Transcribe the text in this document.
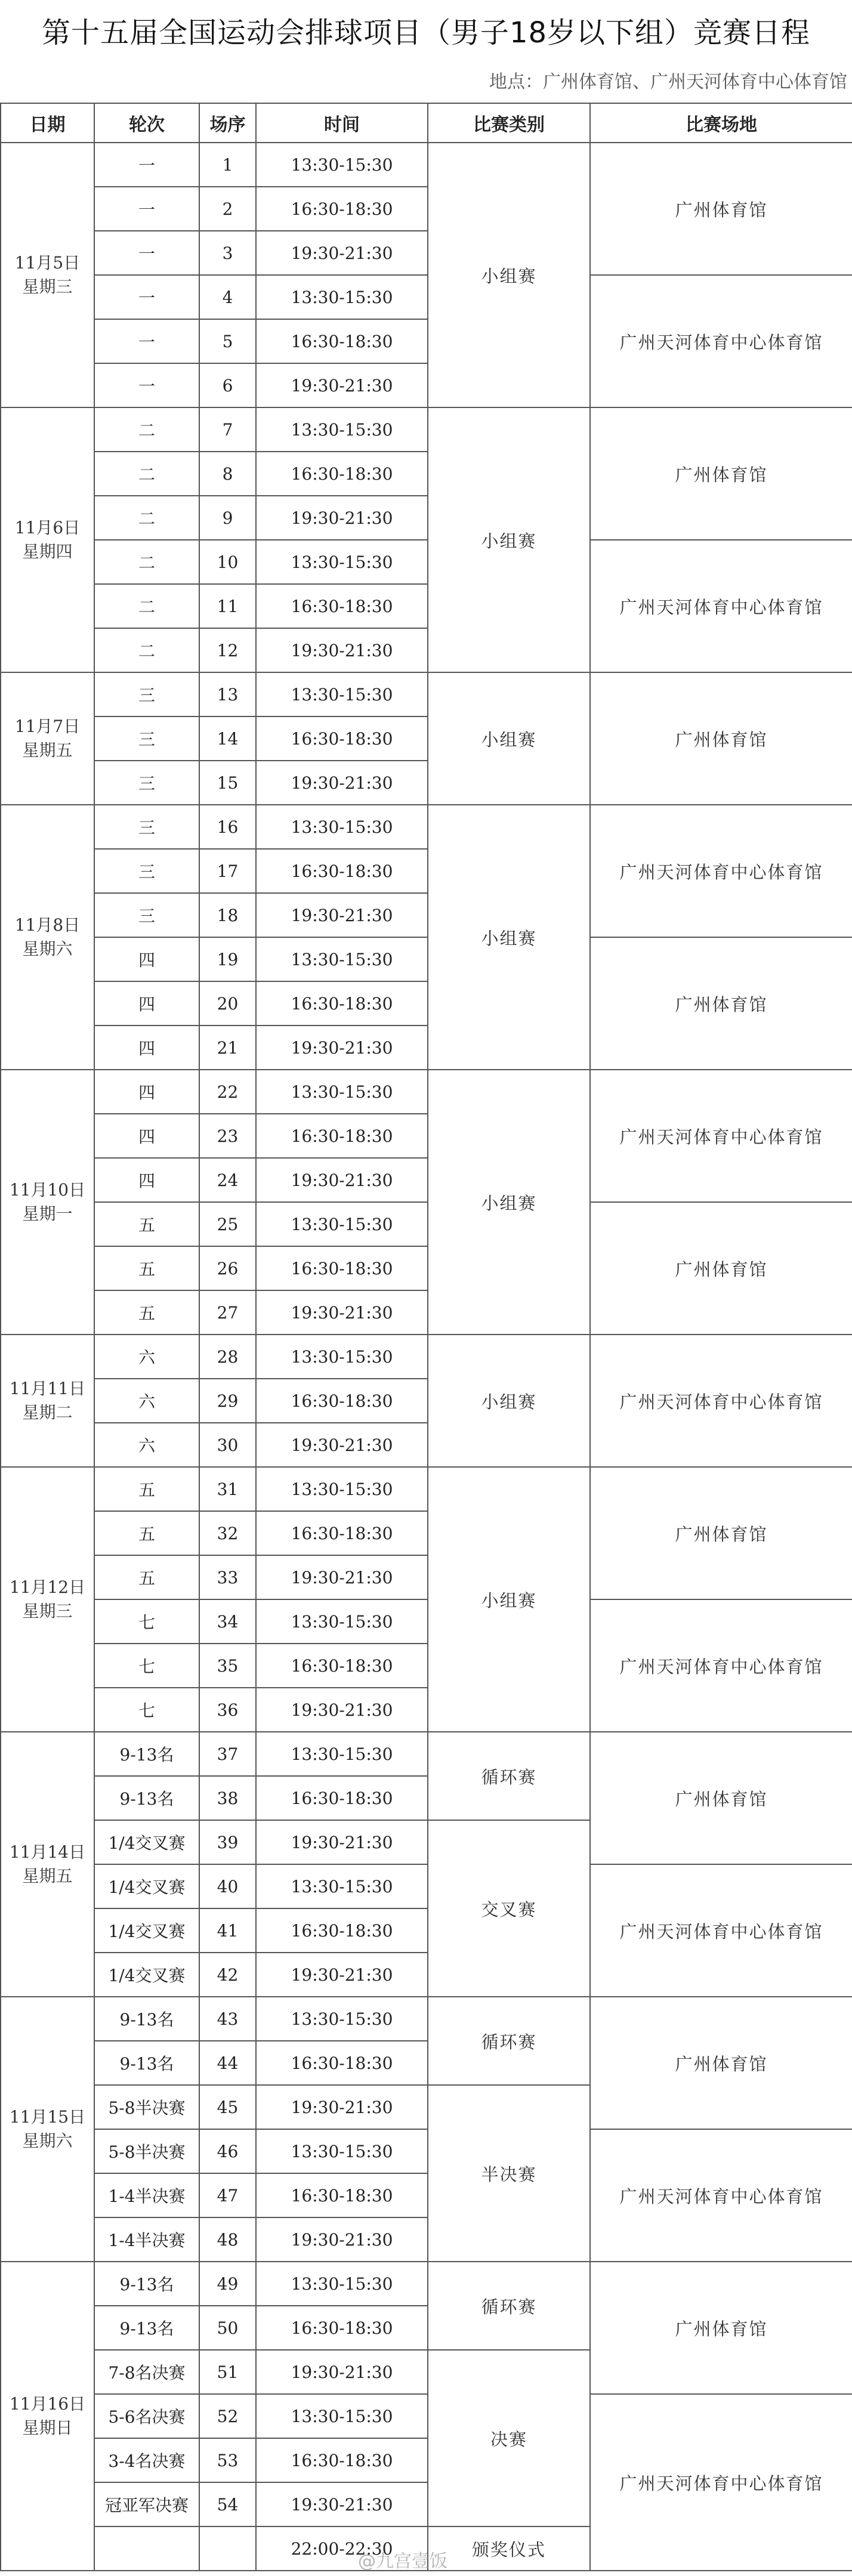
第十五届全国运动会排球项目（男子18岁以下组）竞赛日程
地点：广州体育馆、广州天河体育中心体育馆
日期	轮次	场序	时间	比赛类别	比赛场地

11月5日
星期三	一	1	13:30-15:30	小组赛	广州体育馆
	一	2	16:30-18:30		
	一	3	19:30-21:30		
	一	4	13:30-15:30		广州天河体育中心体育馆
	一	5	16:30-18:30		
	一	6	19:30-21:30		

11月6日
星期四	二	7	13:30-15:30	小组赛	广州体育馆
	二	8	16:30-18:30		
	二	9	19:30-21:30		
	二	10	13:30-15:30		广州天河体育中心体育馆
	二	11	16:30-18:30		
	二	12	19:30-21:30		

11月7日
星期五	三	13	13:30-15:30	小组赛	广州体育馆
	三	14	16:30-18:30		
	三	15	19:30-21:30		

11月8日
星期六	三	16	13:30-15:30	小组赛	广州天河体育中心体育馆
	三	17	16:30-18:30		
	三	18	19:30-21:30		
	四	19	13:30-15:30		广州体育馆
	四	20	16:30-18:30		
	四	21	19:30-21:30		

11月10日
星期一	四	22	13:30-15:30	小组赛	广州天河体育中心体育馆
	四	23	16:30-18:30		
	四	24	19:30-21:30		
	五	25	13:30-15:30		广州体育馆
	五	26	16:30-18:30		
	五	27	19:30-21:30		

11月11日
星期二	六	28	13:30-15:30	小组赛	广州天河体育中心体育馆
	六	29	16:30-18:30		
	六	30	19:30-21:30		

11月12日
星期三	五	31	13:30-15:30	小组赛	广州体育馆
	五	32	16:30-18:30		
	五	33	19:30-21:30		
	七	34	13:30-15:30		广州天河体育中心体育馆
	七	35	16:30-18:30		
	七	36	19:30-21:30		

11月14日
星期五	9-13名	37	13:30-15:30	循环赛	广州体育馆
	9-13名	38	16:30-18:30		
	1/4交叉赛	39	19:30-21:30	交叉赛	
	1/4交叉赛	40	13:30-15:30		广州天河体育中心体育馆
	1/4交叉赛	41	16:30-18:30		
	1/4交叉赛	42	19:30-21:30		

11月15日
星期六	9-13名	43	13:30-15:30	循环赛	广州体育馆
	9-13名	44	16:30-18:30		
	5-8半决赛	45	19:30-21:30	半决赛	
	5-8半决赛	46	13:30-15:30		广州天河体育中心体育馆
	1-4半决赛	47	16:30-18:30		
	1-4半决赛	48	19:30-21:30		

11月16日
星期日	9-13名	49	13:30-15:30	循环赛	广州体育馆
	9-13名	50	16:30-18:30		
	7-8名决赛	51	19:30-21:30	决赛	
	5-6名决赛	52	13:30-15:30		广州天河体育中心体育馆
	3-4名决赛	53	16:30-18:30		
	冠亚军决赛	54	19:30-21:30		
			22:00-22:30	颁奖仪式	
@九宫壹饭
